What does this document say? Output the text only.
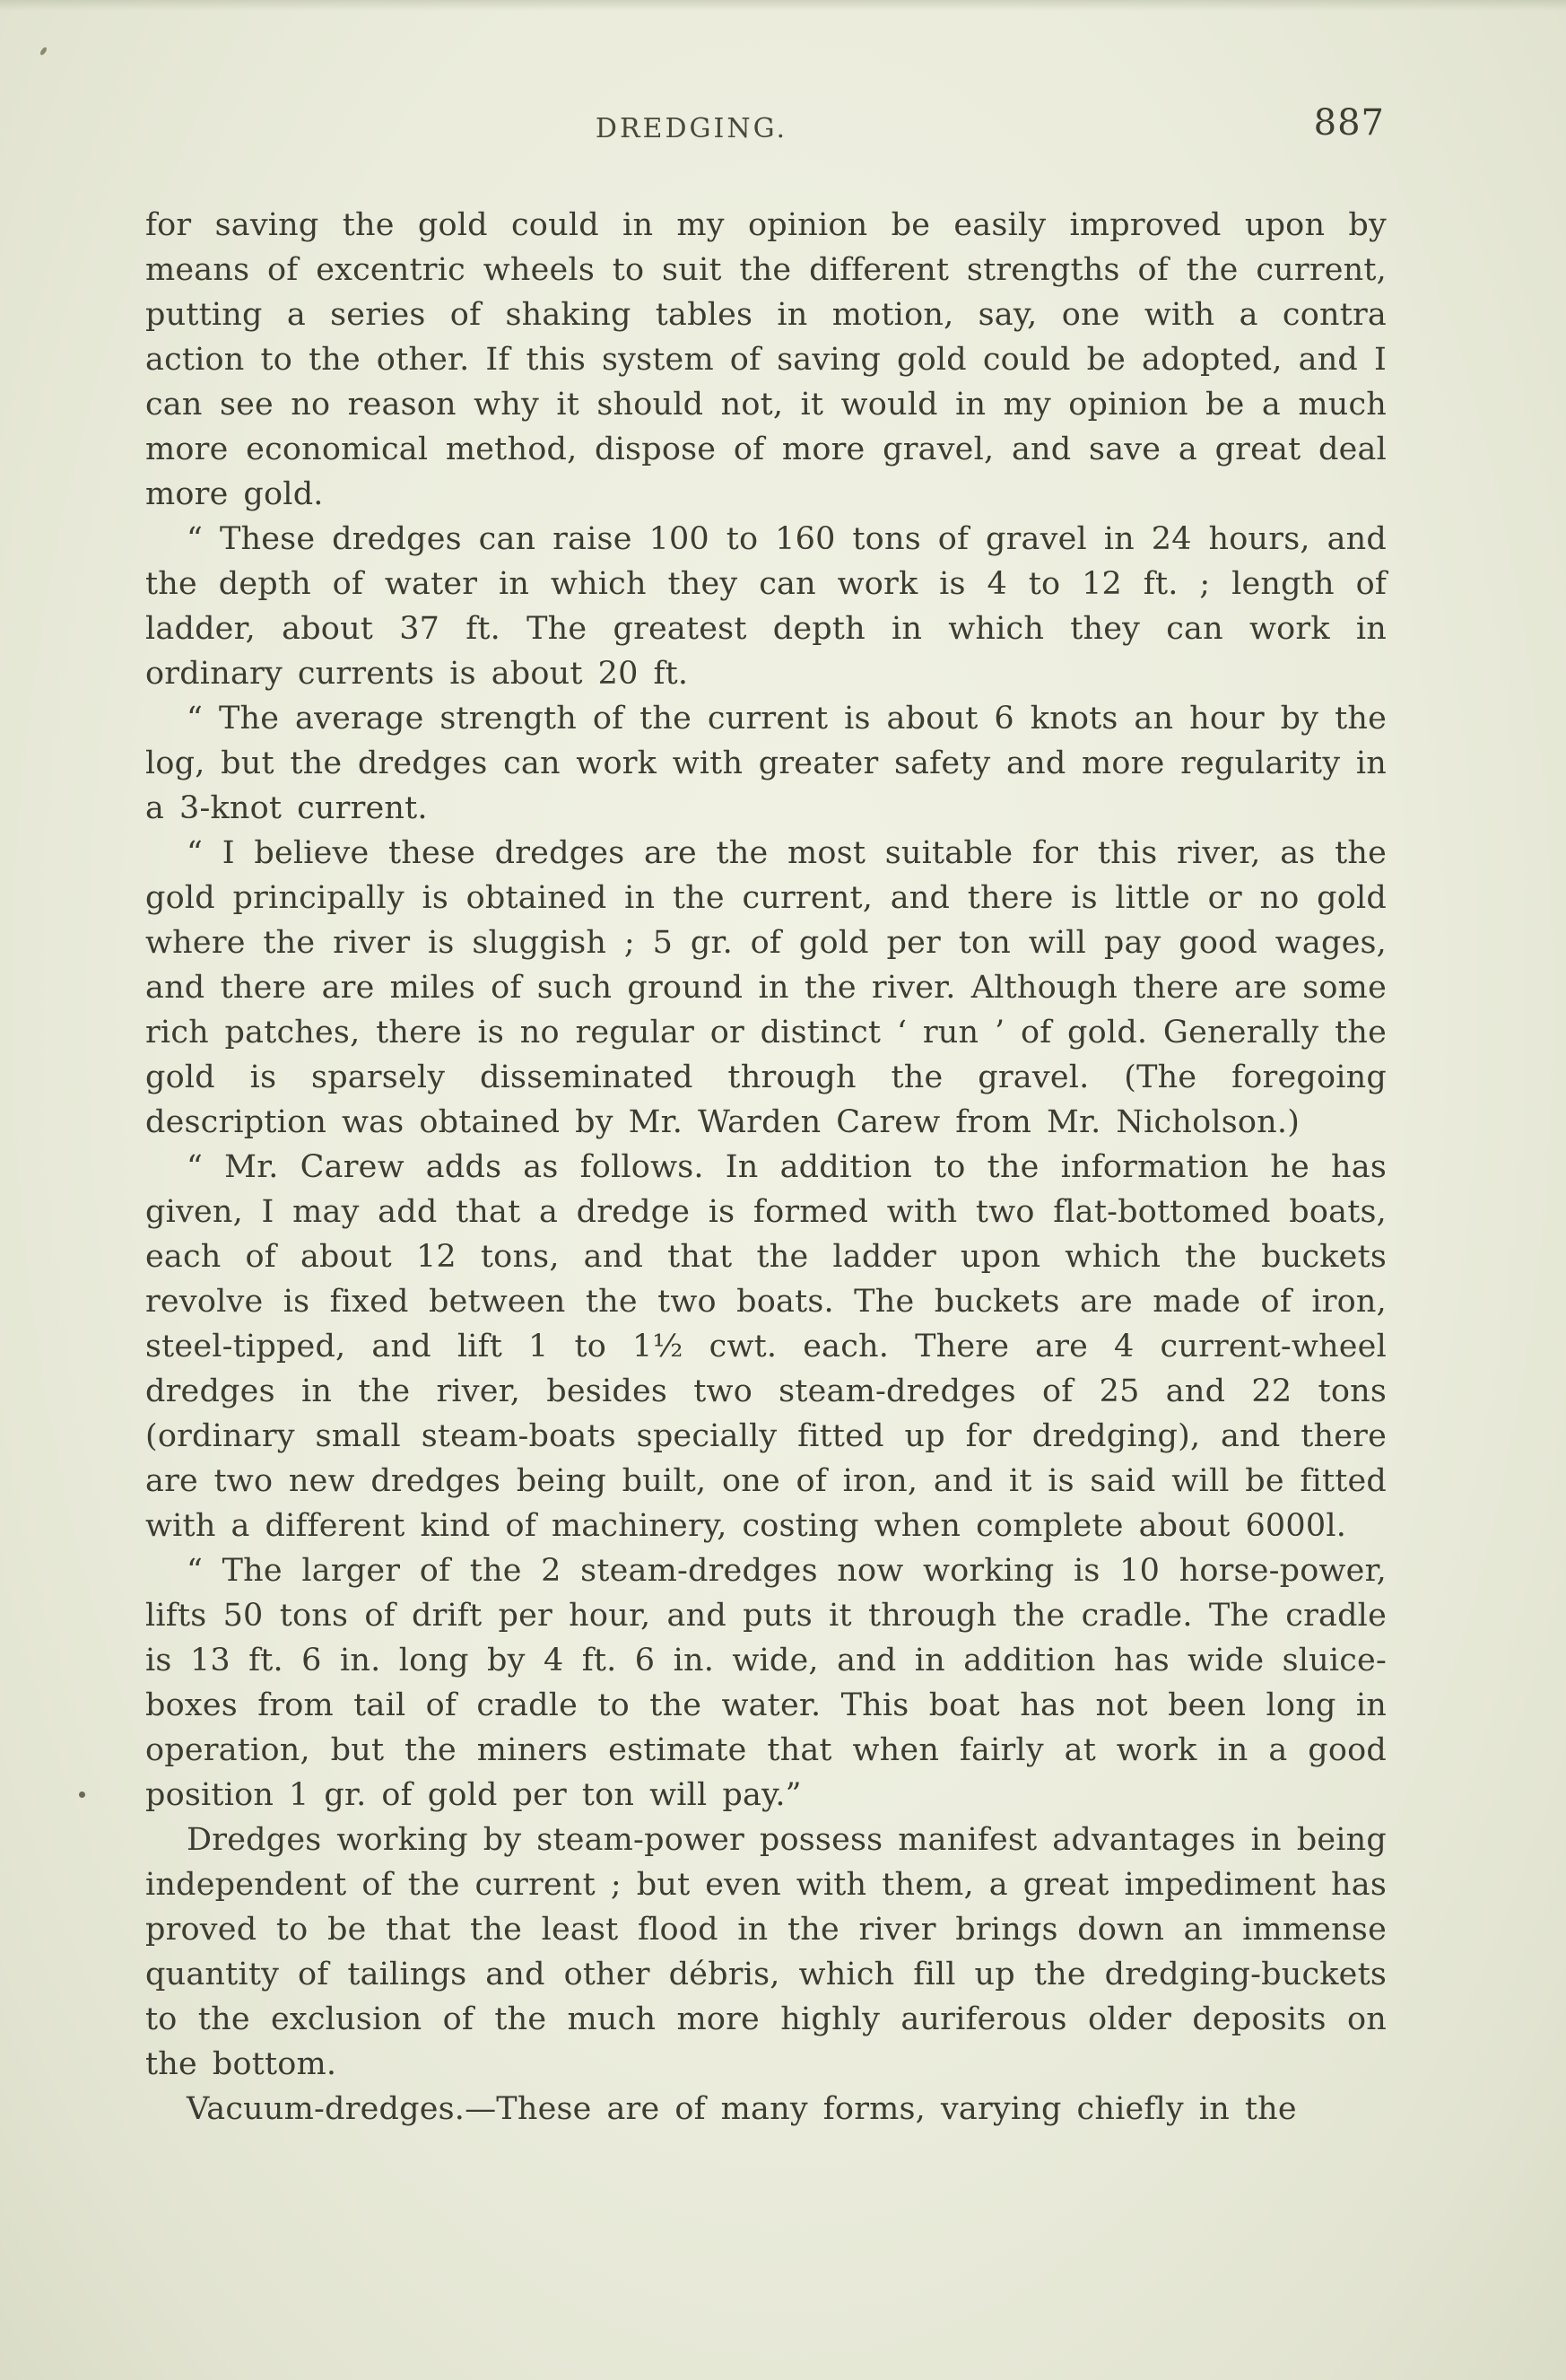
DREDGING.	887

for saving the gold could in my opinion be easily improved upon by means of excentric wheels to suit the different strengths of the current, putting a series of shaking tables in motion, say, one with a contra action to the other. If this system of saving gold could be adopted, and I can see no reason why it should not, it would in my opinion be a much more economical method, dispose of more gravel, and save a great deal more gold.

“ These dredges can raise 100 to 160 tons of gravel in 24 hours, and the depth of water in which they can work is 4 to 12 ft. ; length of ladder, about 37 ft. The greatest depth in which they can work in ordinary currents is about 20 ft.

“ The average strength of the current is about 6 knots an hour by the log, but the dredges can work with greater safety and more regularity in a 3-knot current.

“ I believe these dredges are the most suitable for this river, as the gold principally is obtained in the current, and there is little or no gold where the river is sluggish ; 5 gr. of gold per ton will pay good wages, and there are miles of such ground in the river. Although there are some rich patches, there is no regular or distinct ‘ run ’ of gold. Generally the gold is sparsely disseminated through the gravel. (The foregoing description was obtained by Mr. Warden Carew from Mr. Nicholson.)

“ Mr. Carew adds as follows. In addition to the information he has given, I may add that a dredge is formed with two flat-bottomed boats, each of about 12 tons, and that the ladder upon which the buckets revolve is fixed between the two boats. The buckets are made of iron, steel-tipped, and lift 1 to 1½ cwt. each. There are 4 current-wheel dredges in the river, besides two steam-dredges of 25 and 22 tons (ordinary small steam-boats specially fitted up for dredging), and there are two new dredges being built, one of iron, and it is said will be fitted with a different kind of machinery, costing when complete about 6000l.

“ The larger of the 2 steam-dredges now working is 10 horse-power, lifts 50 tons of drift per hour, and puts it through the cradle. The cradle is 13 ft. 6 in. long by 4 ft. 6 in. wide, and in addition has wide sluice-boxes from tail of cradle to the water. This boat has not been long in operation, but the miners estimate that when fairly at work in a good position 1 gr. of gold per ton will pay.”

Dredges working by steam-power possess manifest advantages in being independent of the current ; but even with them, a great impediment has proved to be that the least flood in the river brings down an immense quantity of tailings and other débris, which fill up the dredging-buckets to the exclusion of the much more highly auriferous older deposits on the bottom.

Vacuum-dredges.—These are of many forms, varying chiefly in the
